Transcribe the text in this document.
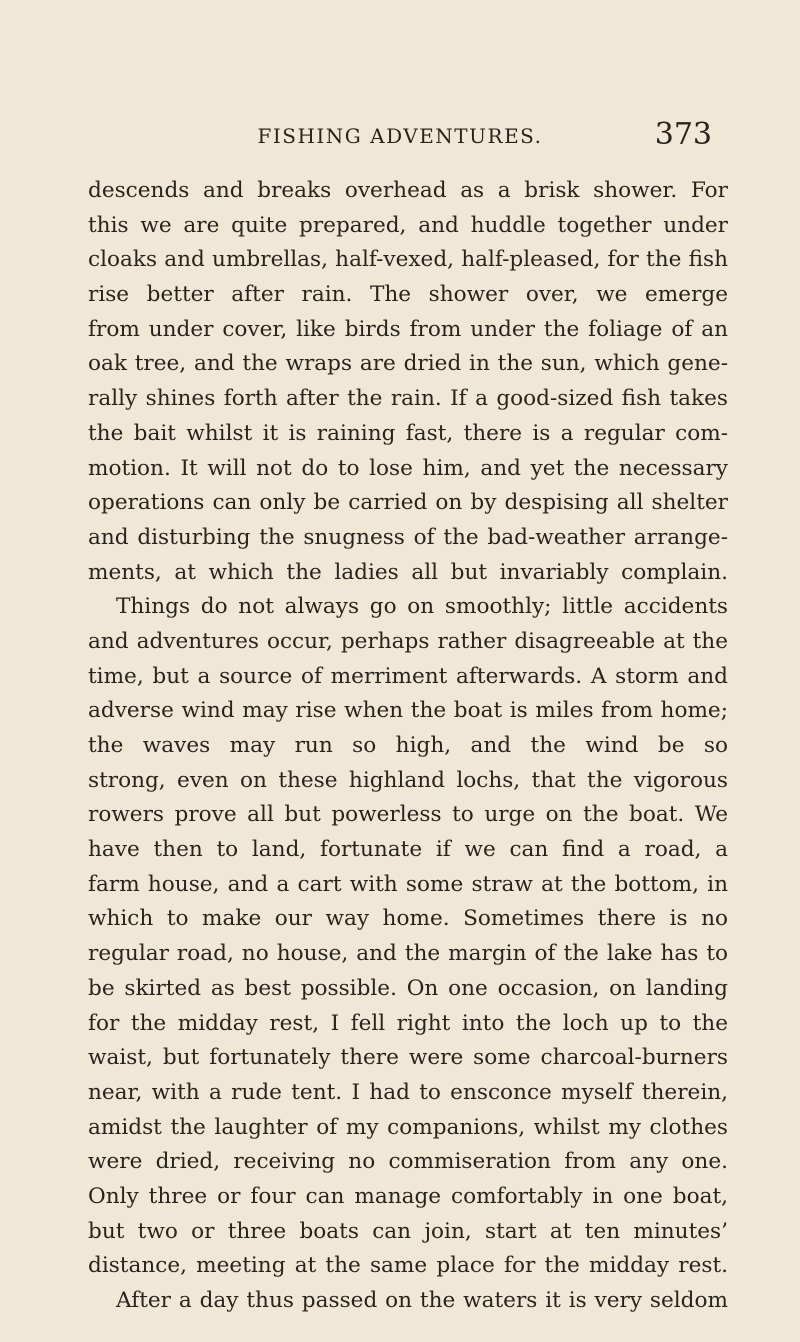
FISHING ADVENTURES.	373
descends and breaks overhead as a brisk shower. For
this we are quite prepared, and huddle together under
cloaks and umbrellas, half-vexed, half-pleased, for the fish
rise better after rain. The shower over, we emerge
from under cover, like birds from under the foliage of an
oak tree, and the wraps are dried in the sun, which gene-
rally shines forth after the rain. If a good-sized fish takes
the bait whilst it is raining fast, there is a regular com-
motion. It will not do to lose him, and yet the necessary
operations can only be carried on by despising all shelter
and disturbing the snugness of the bad-weather arrange-
ments, at which the ladies all but invariably complain.
Things do not always go on smoothly; little accidents
and adventures occur, perhaps rather disagreeable at the
time, but a source of merriment afterwards. A storm and
adverse wind may rise when the boat is miles from home;
the waves may run so high, and the wind be so
strong, even on these highland lochs, that the vigorous
rowers prove all but powerless to urge on the boat. We
have then to land, fortunate if we can find a road, a
farm house, and a cart with some straw at the bottom, in
which to make our way home. Sometimes there is no
regular road, no house, and the margin of the lake has to
be skirted as best possible. On one occasion, on landing
for the midday rest, I fell right into the loch up to the
waist, but fortunately there were some charcoal-burners
near, with a rude tent. I had to ensconce myself therein,
amidst the laughter of my companions, whilst my clothes
were dried, receiving no commiseration from any one.
Only three or four can manage comfortably in one boat,
but two or three boats can join, start at ten minutes’
distance, meeting at the same place for the midday rest.
After a day thus passed on the waters it is very seldom
